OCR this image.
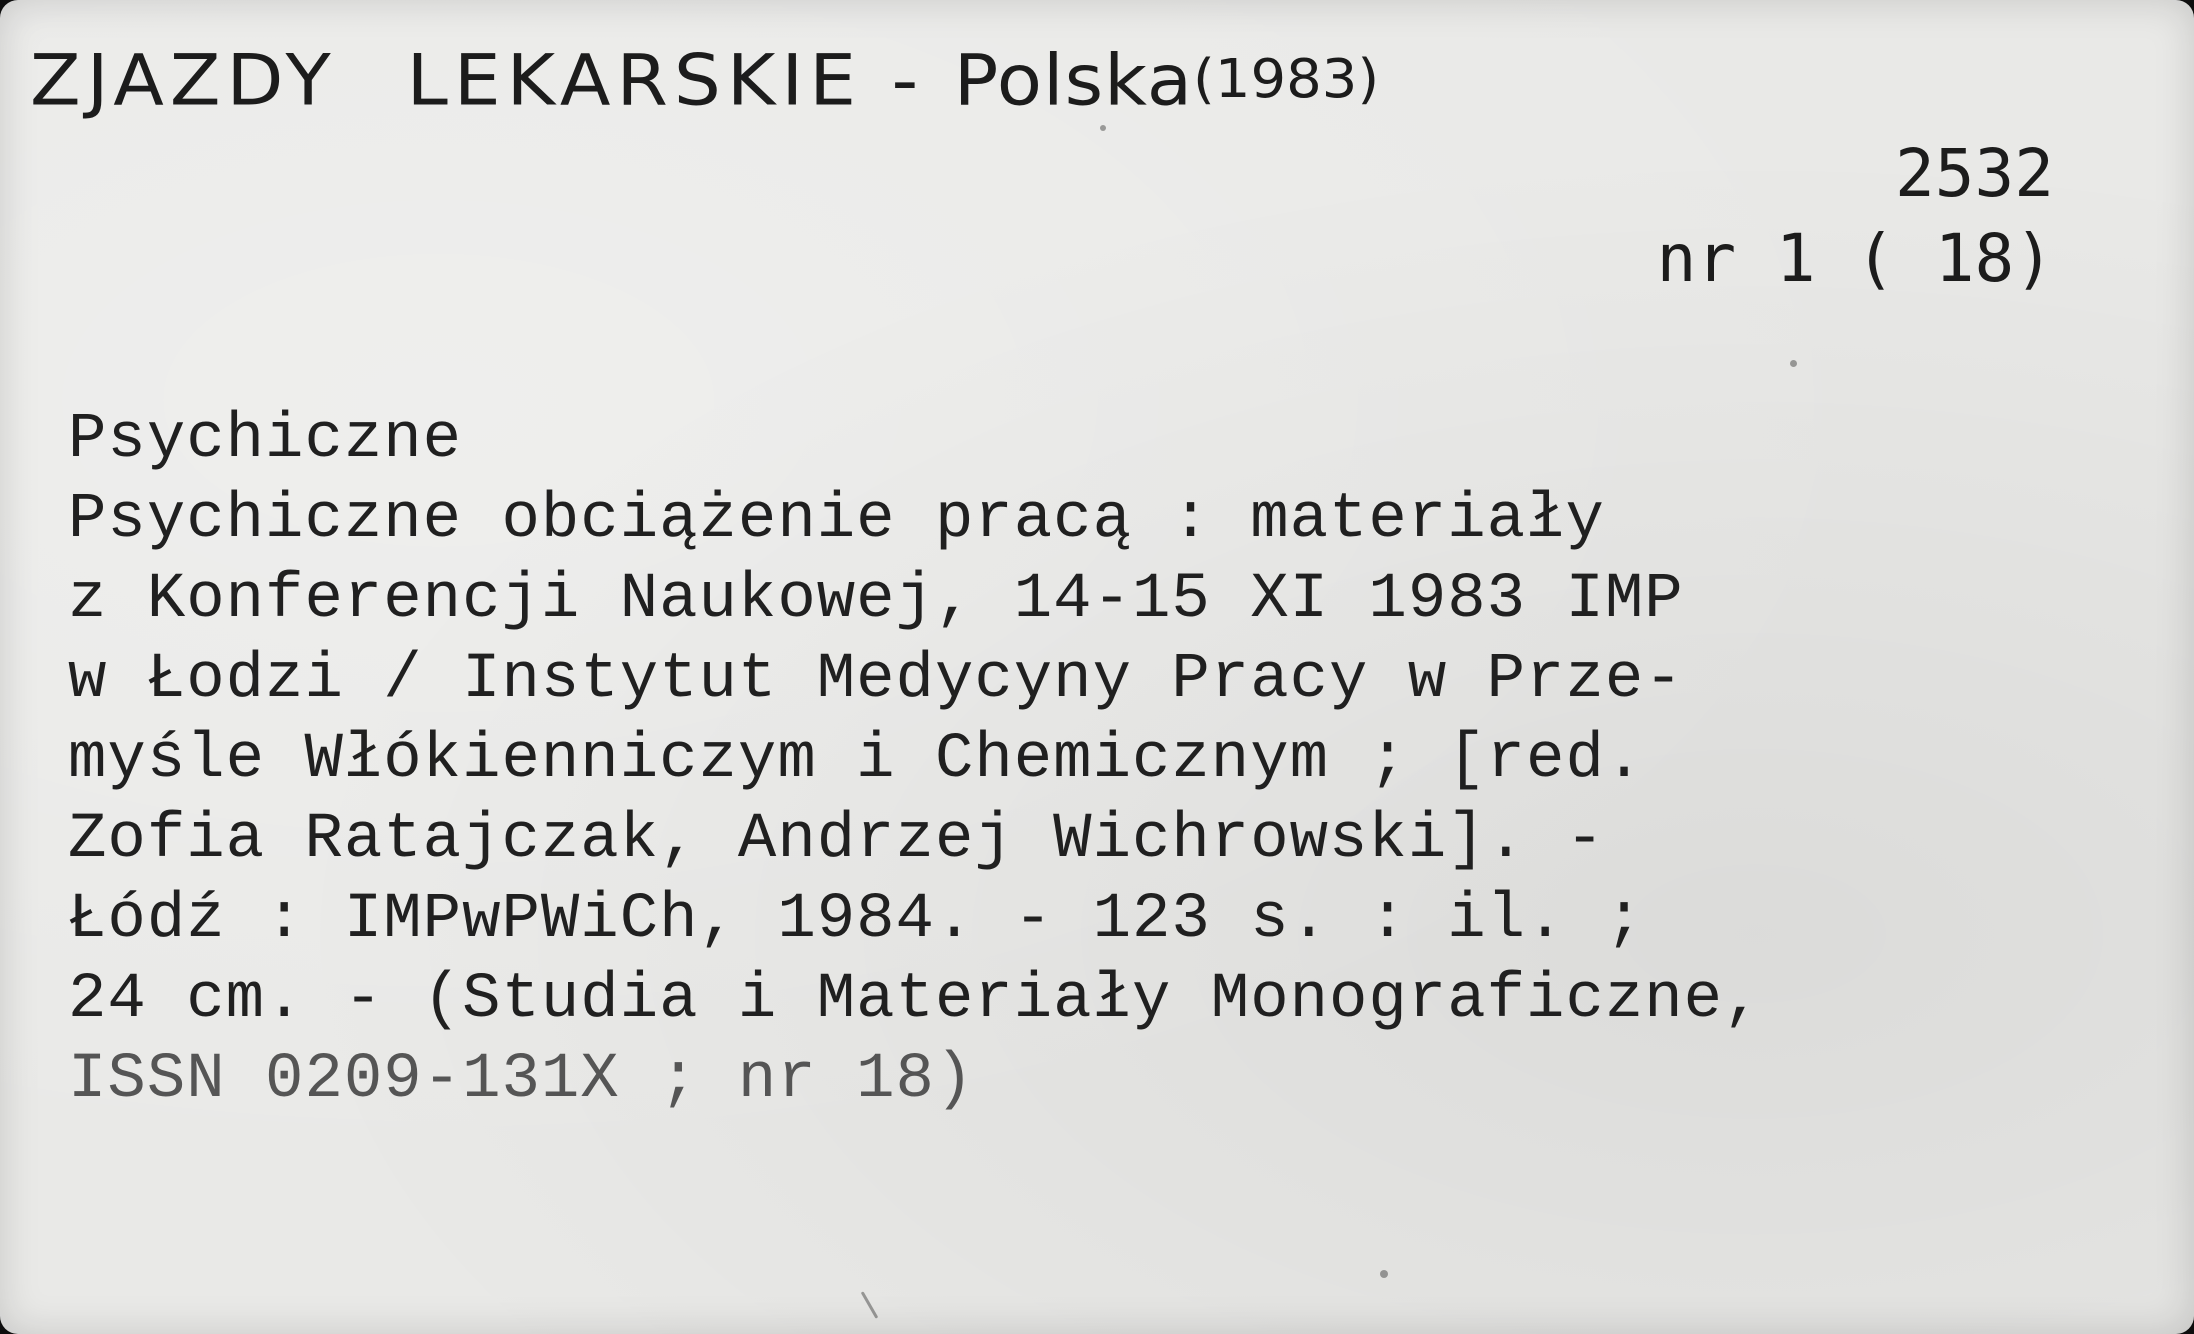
ZJAZDY LEKARSKIE - Polska(1983)
2532
nr 1 ( 18)
Psychiczne
Psychiczne obciążenie pracą : materiały
z Konferencji Naukowej, 14-15 XI 1983 IMP
w Łodzi / Instytut Medycyny Pracy w Prze-
myśle Włókienniczym i Chemicznym ; [red.
Zofia Ratajczak, Andrzej Wichrowski]. -
Łódź : IMPwPWiCh, 1984. - 123 s. : il. ;
24 cm. - (Studia i Materiały Monograficzne,
ISSN 0209-131X ; nr 18)
